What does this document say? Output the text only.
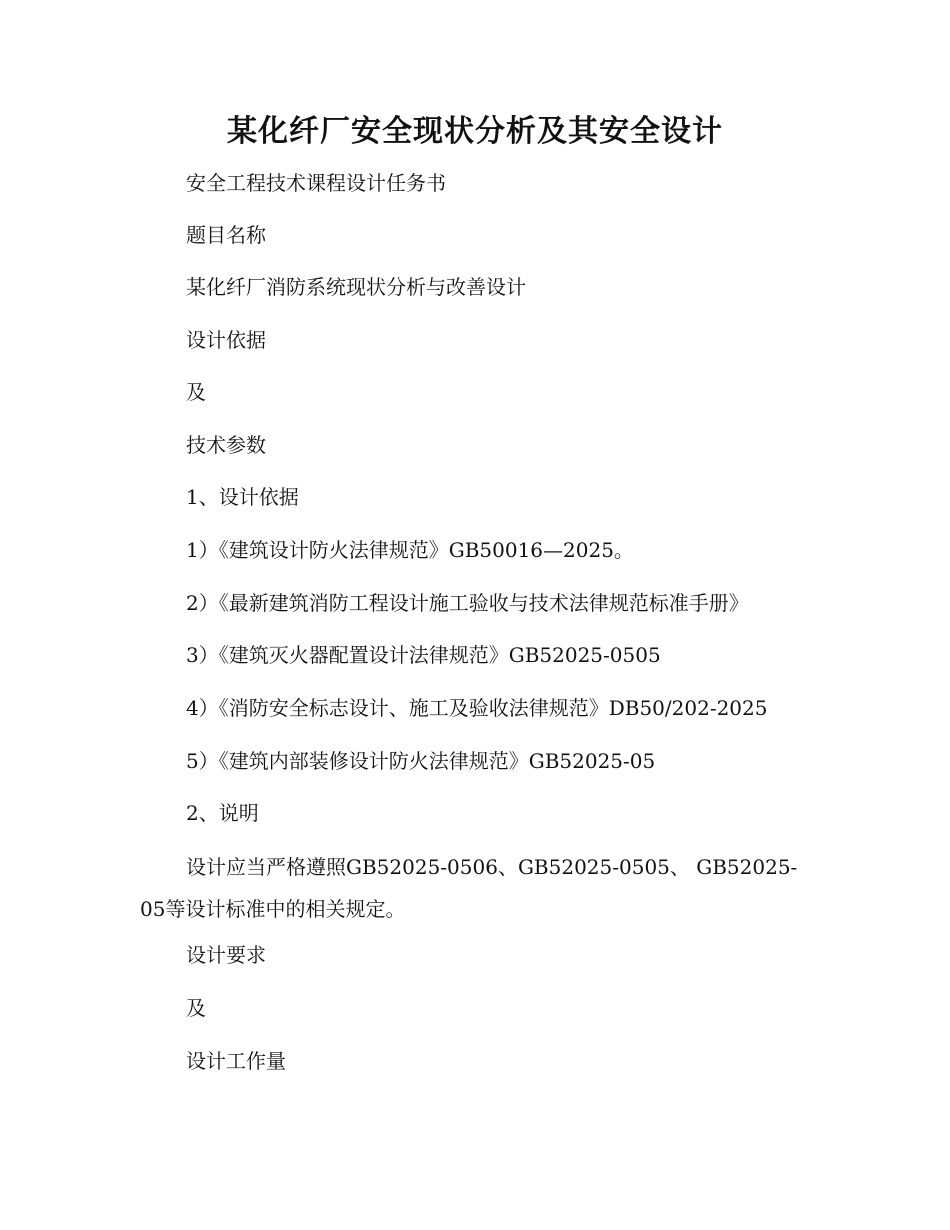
某化纤厂安全现状分析及其安全设计
安全工程技术课程设计任务书
题目名称
某化纤厂消防系统现状分析与改善设计
设计依据
及
技术参数
1、设计依据
1）《建筑设计防火法律规范》GB50016—2025。
2）《最新建筑消防工程设计施工验收与技术法律规范标准手册》
3）《建筑灭火器配置设计法律规范》GB52025-0505
4）《消防安全标志设计、施工及验收法律规范》DB50/202-2025
5）《建筑内部装修设计防火法律规范》GB52025-05
2、说明
设计应当严格遵照GB52025-0506、GB52025-0505、 GB52025-05等设计标准中的相关规定。
设计要求
及
设计工作量
